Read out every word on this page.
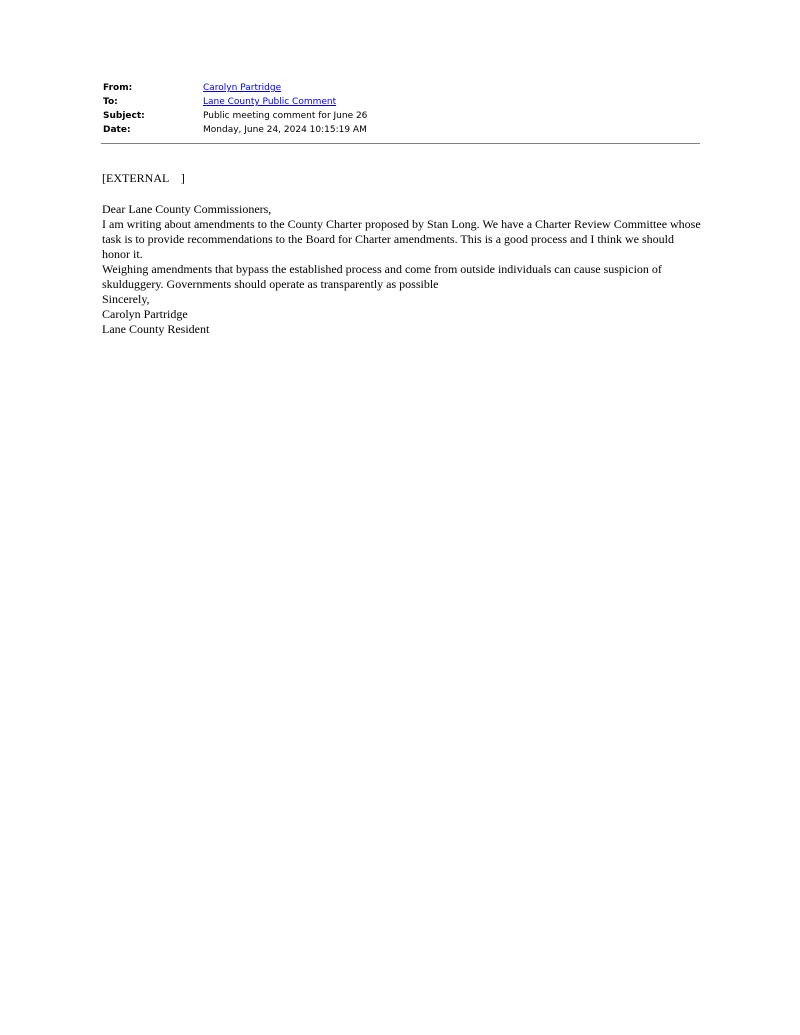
From:	Carolyn Partridge
To:	Lane County Public Comment
Subject:	Public meeting comment for June 26
Date:	Monday, June 24, 2024 10:15:19 AM
[EXTERNAL    ]
Dear Lane County Commissioners,
I am writing about amendments to the County Charter proposed by Stan Long. We have a Charter Review Committee whose task is to provide recommendations to the Board for Charter amendments. This is a good process and I think we should honor it.
Weighing amendments that bypass the established process and come from outside individuals can cause suspicion of skulduggery. Governments should operate as transparently as possible
Sincerely,
Carolyn Partridge
Lane County Resident
